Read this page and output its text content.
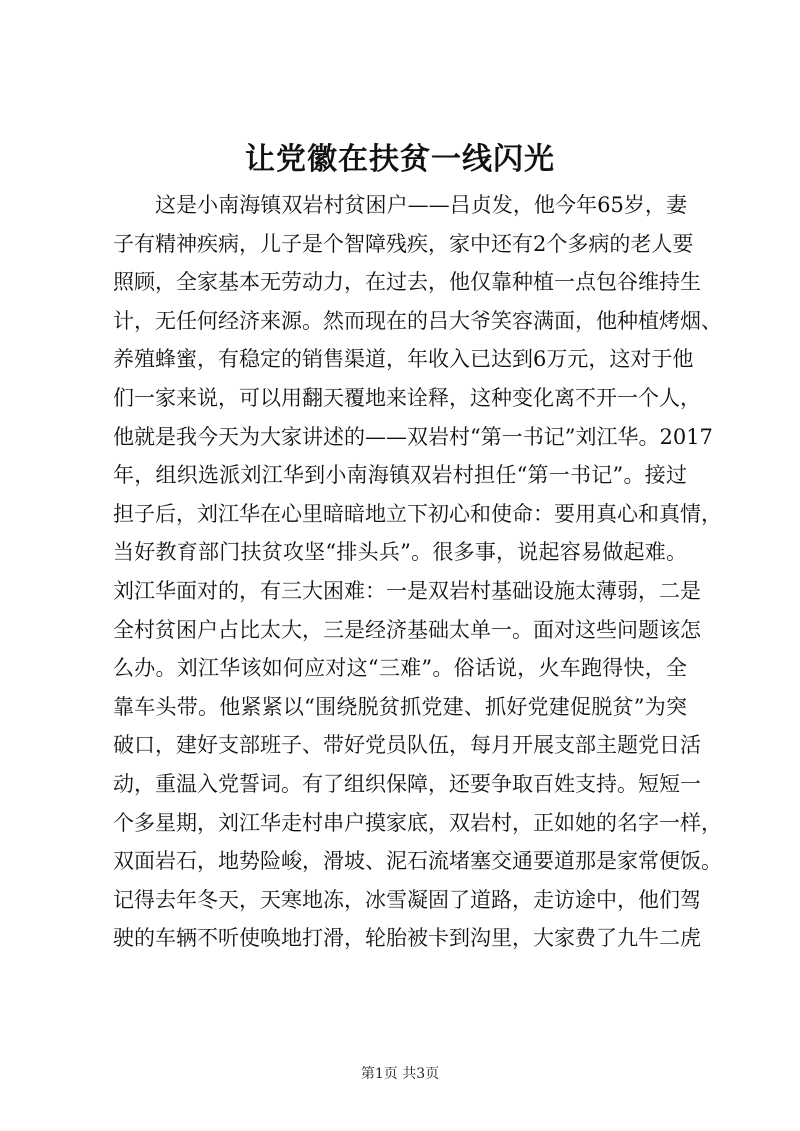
让党徽在扶贫一线闪光
这是小南海镇双岩村贫困户——吕贞发，他今年65岁，妻
子有精神疾病，儿子是个智障残疾，家中还有2个多病的老人要
照顾，全家基本无劳动力，在过去，他仅靠种植一点包谷维持生
计，无任何经济来源。然而现在的吕大爷笑容满面，他种植烤烟、
养殖蜂蜜，有稳定的销售渠道，年收入已达到6万元，这对于他
们一家来说，可以用翻天覆地来诠释，这种变化离不开一个人，
他就是我今天为大家讲述的——双岩村“第一书记”刘江华。2017
年，组织选派刘江华到小南海镇双岩村担任“第一书记”。接过
担子后，刘江华在心里暗暗地立下初心和使命：要用真心和真情，
当好教育部门扶贫攻坚“排头兵”。很多事，说起容易做起难。
刘江华面对的，有三大困难：一是双岩村基础设施太薄弱，二是
全村贫困户占比太大，三是经济基础太单一。面对这些问题该怎
么办。刘江华该如何应对这“三难”。俗话说，火车跑得快，全
靠车头带。他紧紧以“围绕脱贫抓党建、抓好党建促脱贫”为突
破口，建好支部班子、带好党员队伍，每月开展支部主题党日活
动，重温入党誓词。有了组织保障，还要争取百姓支持。短短一
个多星期，刘江华走村串户摸家底，双岩村，正如她的名字一样，
双面岩石，地势险峻，滑坡、泥石流堵塞交通要道那是家常便饭。
记得去年冬天，天寒地冻，冰雪凝固了道路，走访途中，他们驾
驶的车辆不听使唤地打滑，轮胎被卡到沟里，大家费了九牛二虎
第1页 共3页
